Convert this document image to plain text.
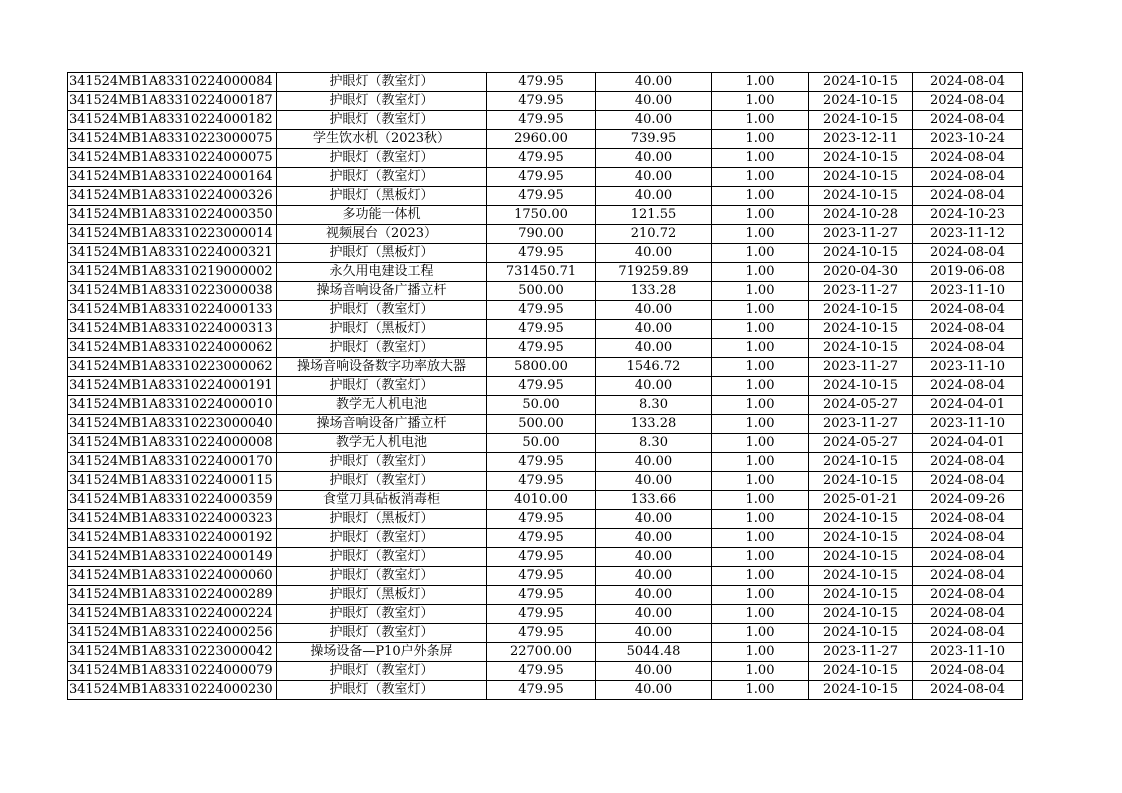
341524MB1A83310224000084	护眼灯（教室灯）	479.95	40.00	1.00	2024-10-15	2024-08-04
341524MB1A83310224000187	护眼灯（教室灯）	479.95	40.00	1.00	2024-10-15	2024-08-04
341524MB1A83310224000182	护眼灯（教室灯）	479.95	40.00	1.00	2024-10-15	2024-08-04
341524MB1A83310223000075	学生饮水机（2023秋）	2960.00	739.95	1.00	2023-12-11	2023-10-24
341524MB1A83310224000075	护眼灯（教室灯）	479.95	40.00	1.00	2024-10-15	2024-08-04
341524MB1A83310224000164	护眼灯（教室灯）	479.95	40.00	1.00	2024-10-15	2024-08-04
341524MB1A83310224000326	护眼灯（黑板灯）	479.95	40.00	1.00	2024-10-15	2024-08-04
341524MB1A83310224000350	多功能一体机	1750.00	121.55	1.00	2024-10-28	2024-10-23
341524MB1A83310223000014	视频展台（2023）	790.00	210.72	1.00	2023-11-27	2023-11-12
341524MB1A83310224000321	护眼灯（黑板灯）	479.95	40.00	1.00	2024-10-15	2024-08-04
341524MB1A83310219000002	永久用电建设工程	731450.71	719259.89	1.00	2020-04-30	2019-06-08
341524MB1A83310223000038	操场音响设备广播立杆	500.00	133.28	1.00	2023-11-27	2023-11-10
341524MB1A83310224000133	护眼灯（教室灯）	479.95	40.00	1.00	2024-10-15	2024-08-04
341524MB1A83310224000313	护眼灯（黑板灯）	479.95	40.00	1.00	2024-10-15	2024-08-04
341524MB1A83310224000062	护眼灯（教室灯）	479.95	40.00	1.00	2024-10-15	2024-08-04
341524MB1A83310223000062	操场音响设备数字功率放大器	5800.00	1546.72	1.00	2023-11-27	2023-11-10
341524MB1A83310224000191	护眼灯（教室灯）	479.95	40.00	1.00	2024-10-15	2024-08-04
341524MB1A83310224000010	教学无人机电池	50.00	8.30	1.00	2024-05-27	2024-04-01
341524MB1A83310223000040	操场音响设备广播立杆	500.00	133.28	1.00	2023-11-27	2023-11-10
341524MB1A83310224000008	教学无人机电池	50.00	8.30	1.00	2024-05-27	2024-04-01
341524MB1A83310224000170	护眼灯（教室灯）	479.95	40.00	1.00	2024-10-15	2024-08-04
341524MB1A83310224000115	护眼灯（教室灯）	479.95	40.00	1.00	2024-10-15	2024-08-04
341524MB1A83310224000359	食堂刀具砧板消毒柜	4010.00	133.66	1.00	2025-01-21	2024-09-26
341524MB1A83310224000323	护眼灯（黑板灯）	479.95	40.00	1.00	2024-10-15	2024-08-04
341524MB1A83310224000192	护眼灯（教室灯）	479.95	40.00	1.00	2024-10-15	2024-08-04
341524MB1A83310224000149	护眼灯（教室灯）	479.95	40.00	1.00	2024-10-15	2024-08-04
341524MB1A83310224000060	护眼灯（教室灯）	479.95	40.00	1.00	2024-10-15	2024-08-04
341524MB1A83310224000289	护眼灯（黑板灯）	479.95	40.00	1.00	2024-10-15	2024-08-04
341524MB1A83310224000224	护眼灯（教室灯）	479.95	40.00	1.00	2024-10-15	2024-08-04
341524MB1A83310224000256	护眼灯（教室灯）	479.95	40.00	1.00	2024-10-15	2024-08-04
341524MB1A83310223000042	操场设备—P10户外条屏	22700.00	5044.48	1.00	2023-11-27	2023-11-10
341524MB1A83310224000079	护眼灯（教室灯）	479.95	40.00	1.00	2024-10-15	2024-08-04
341524MB1A83310224000230	护眼灯（教室灯）	479.95	40.00	1.00	2024-10-15	2024-08-04
